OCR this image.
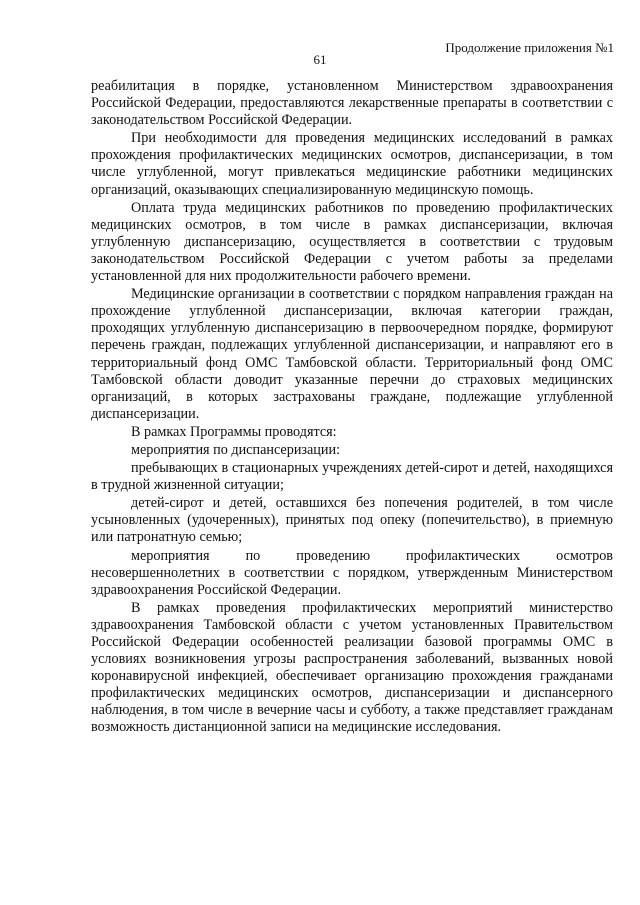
Продолжение приложения №1
61

реабилитация в порядке, установленном Министерством здравоохранения Российской Федерации, предоставляются лекарственные препараты в соответствии с законодательством Российской Федерации.

При необходимости для проведения медицинских исследований в рамках прохождения профилактических медицинских осмотров, диспансеризации, в том числе углубленной, могут привлекаться медицинские работники медицинских организаций, оказывающих специализированную медицинскую помощь.

Оплата труда медицинских работников по проведению профилактических медицинских осмотров, в том числе в рамках диспансеризации, включая углубленную диспансеризацию, осуществляется в соответствии с трудовым законодательством Российской Федерации с учетом работы за пределами установленной для них продолжительности рабочего времени.

Медицинские организации в соответствии с порядком направления граждан на прохождение углубленной диспансеризации, включая категории граждан, проходящих углубленную диспансеризацию в первоочередном порядке, формируют перечень граждан, подлежащих углубленной диспансеризации, и направляют его в территориальный фонд ОМС Тамбовской области. Территориальный фонд ОМС Тамбовской области доводит указанные перечни до страховых медицинских организаций, в которых застрахованы граждане, подлежащие углубленной диспансеризации.

В рамках Программы проводятся:

мероприятия по диспансеризации:

пребывающих в стационарных учреждениях детей-сирот и детей, находящихся в трудной жизненной ситуации;

детей-сирот и детей, оставшихся без попечения родителей, в том числе усыновленных (удочеренных), принятых под опеку (попечительство), в приемную или патронатную семью;

мероприятия по проведению профилактических осмотров несовершеннолетних в соответствии с порядком, утвержденным Министерством здравоохранения Российской Федерации.

В рамках проведения профилактических мероприятий министерство здравоохранения Тамбовской области с учетом установленных Правительством Российской Федерации особенностей реализации базовой программы ОМС в условиях возникновения угрозы распространения заболеваний, вызванных новой коронавирусной инфекцией, обеспечивает организацию прохождения гражданами профилактических медицинских осмотров, диспансеризации и диспансерного наблюдения, в том числе в вечерние часы и субботу, а также представляет гражданам возможность дистанционной записи на медицинские исследования.
